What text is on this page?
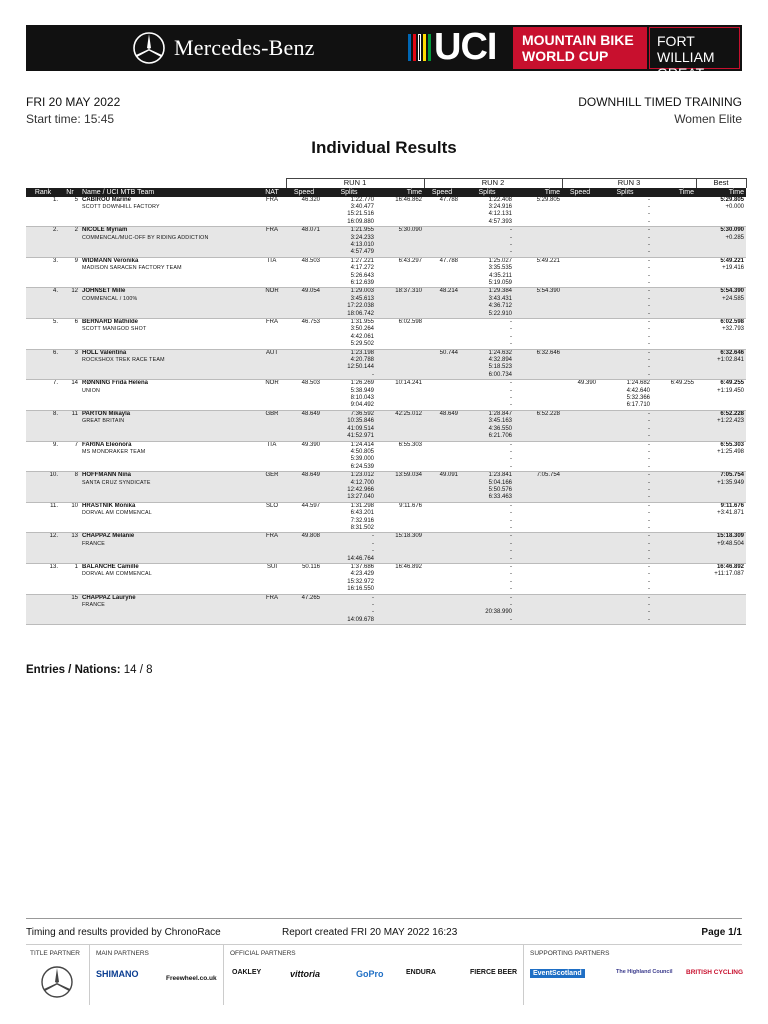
Mercedes-Benz	UCI MOUNTAIN BIKE
WORLD CUP
FORT WILLIAM
GREAT BRITAIN
FRI 20 MAY 2022
Start time: 15:45
DOWNHILL TIMED TRAINING
Women Elite
Individual Results
				RUN 1			RUN 2			RUN 3			Best
Rank	Nr	Name / UCI MTB Team	NAT	Speed	Splits	Time	Speed	Splits	Time	Speed	Splits	Time	Time
1.	5	CABIROU Marine
SCOTT DOWNHILL FACTORY	FRA	46.320	1:22.770
3:40.477
15:21.516
16:09.880	16:46.862	47.788	1:22.408
3:24.916
4:12.131
4:57.393	5:29.805		-
-
-
-		5:29.805
+0.000

2.	2	NICOLE Myriam
COMMENCAL/MUC-OFF BY RIDING ADDICTION	FRA	48.071	1:21.955
3:24.233
4:13.010
4:57.479	5:30.090		-
-
-
-			-
-
-
-		5:30.090
+0.285

3.	9	WIDMANN Veronika
MADISON SARACEN FACTORY TEAM	ITA	48.503	1:27.221
4:17.272
5:26.643
6:12.639	6:43.297	47.788	1:25.027
3:35.535
4:35.211
5:19.059	5:49.221		-
-
-
-		5:49.221
+19.416

4.	12	JOHNSET Mille
COMMENCAL / 100%	NOR	49.054	1:29.003
3:45.613
17:22.038
18:06.742	18:37.310	48.214	1:29.384
3:43.431
4:36.712
5:22.910	5:54.390		-
-
-
-		5:54.390
+24.585

5.	6	BERNARD Mathilde
SCOTT MANIGOD SHOT	FRA	46.753	1:31.955
3:50.264
4:42.061
5:29.502	6:02.598		-
-
-
-			-
-
-
-		6:02.598
+32.793

6.	3	HÖLL Valentina
ROCKSHOX TREK RACE TEAM	AUT		1:23.198
4:20.788
12:50.144
-		50.744	1:24.632
4:32.894
5:18.523
6:00.734	6:32.646		-
-
-
-		6:32.646
+1:02.841

7.	14	RØNNING Frida Helena
UNION	NOR	48.503	1:26.269
5:38.949
8:10.043
9:04.492	10:14.241		-
-
-
-		49.390	1:24.682
4:42.640
5:32.366
6:17.710	6:49.255	6:49.255
+1:19.450

8.	11	PARTON Mikayla
GREAT BRITAIN	GBR	48.649	7:36.592
10:35.846
41:09.514
41:52.971	42:25.012	48.649	1:28.847
3:45.163
4:36.550
6:21.706	6:52.228		-
-
-
-		6:52.228
+1:22.423

9.	7	FARINA Eleonora
MS MONDRAKER TEAM	ITA	49.390	1:24.414
4:50.805
5:39.000
6:24.539	6:55.303		-
-
-
-			-
-
-
-		6:55.303
+1:25.498

10.	8	HOFFMANN Nina
SANTA CRUZ SYNDICATE	GER	48.649	1:23.012
4:12.700
12:42.966
13:27.040	13:59.034	49.091	1:23.841
5:04.166
5:50.576
6:33.463	7:05.754		-
-
-
-		7:05.754
+1:35.949

11.	10	HRASTNIK Monika
DORVAL AM COMMENCAL	SLO	44.597	1:31.298
6:43.201
7:32.916
8:31.502	9:11.676		-
-
-
-			-
-
-
-		9:11.676
+3:41.871

12.	13	CHAPPAZ Melanie
FRANCE	FRA	49.808	-
-
-
14:46.764	15:18.309		-
-
-
-			-
-
-
-		15:18.309
+9:48.504

13.	1	BALANCHE Camille
DORVAL AM COMMENCAL	SUI	50.116	1:37.686
4:23.429
15:32.972
16:16.550	16:46.892		-
-
-
-			-
-
-
-		16:46.892
+11:17.087

	15	CHAPPAZ Lauryne
FRANCE	FRA	47.265	-
-
-
14:09.678			-
-
20:38.990
-			-
-
-
-		

Entries / Nations: 14 / 8
Timing and results provided by ChronoRace	Report created FRI 20 MAY 2022 16:23	Page 1/1
TITLE PARTNER MAIN PARTNERS
SHIMANO	Freewheel.co.uk
OFFICIAL PARTNERS
OAKLEY	vittoria	GoPro	ENDURA	FIERCE BEER
SUPPORTING PARTNERS
EventScotland	The Highland Council BRITISH CYCLING
